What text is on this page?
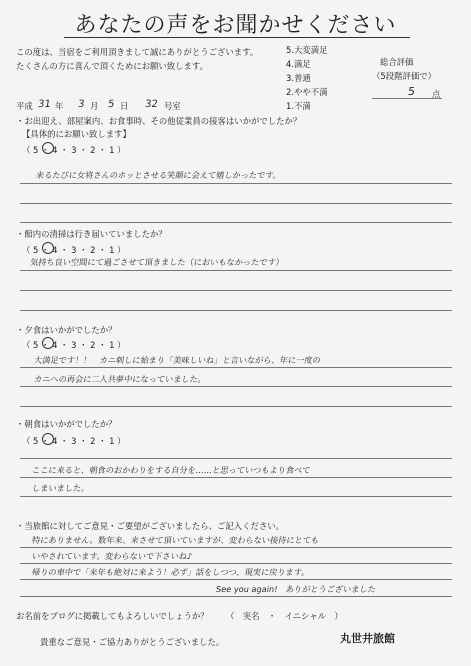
あなたの声をお聞かせください
この度は、当宿をご利用頂きまして誠にありがとうございます。
たくさんの方に喜んで頂くためにお願い致します。
5.大変満足
4.満足
3.普通
2.やや不満
1.不満
総合評価
（5段階評価で）
5 点
平成 31 年 3 月 5 日 32 号室
・お出迎え、部屋案内、お食事時、その他従業員の接客はいかがでしたか？
【具体的にお願い致します】
（ 5 ・ 4 ・ 3 ・ 2 ・ 1 ）
来るたびに女将さんのホッとさせる笑顔に会えて嬉しかったです。
・館内の清掃は行き届いていましたか？
（ 5 ・ 4 ・ 3 ・ 2 ・ 1 ）
気持ち良い空間にて過ごさせて頂きました（においもなかったです）
・夕食はいかがでしたか？
（ 5 ・ 4 ・ 3 ・ 2 ・ 1 ）
大満足です！！　カニ刺しに始まり「美味しいね」と言いながら、年に一度の
カニへの再会に二人共夢中になっていました。
・朝食はいかがでしたか？
（ 5 ・ 4 ・ 3 ・ 2 ・ 1 ）
ここに来ると、朝食のおかわりをする自分を……と思っていつもより食べて
しまいました。
・当旅館に対してご意見・ご要望がございましたら、ご記入ください。
特にありません。数年来、来させて頂いていますが、変わらない接待にとても
いやされています。変わらないで下さいね♪
帰りの車中で「来年も絶対に来よう！必ず」話をしつつ、現実に戻ります。
See you again!　ありがとうございました
お名前をブログに掲載してもよろしいでしょうか？ （　実名　・　イニシャル　）
貴重なご意見・ご協力ありがとうございました。	丸世井旅館
